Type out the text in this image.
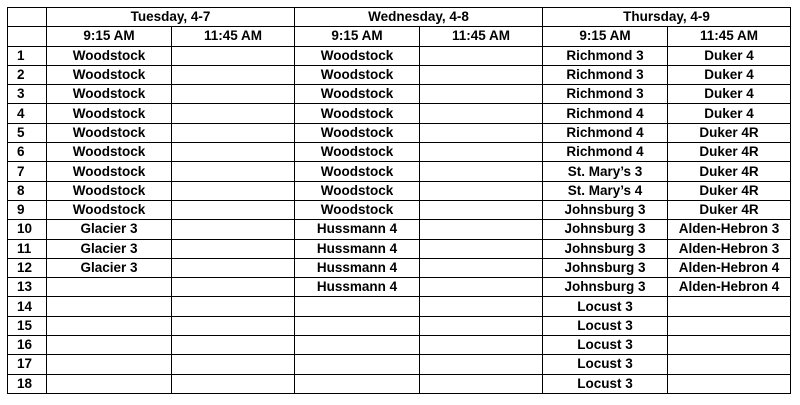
	Tuesday, 4-7		Wednesday, 4-8		Thursday, 4-9	
	9:15 AM	11:45 AM	9:15 AM	11:45 AM	9:15 AM	11:45 AM
1	Woodstock		Woodstock		Richmond 3	Duker 4
2	Woodstock		Woodstock		Richmond 3	Duker 4
3	Woodstock		Woodstock		Richmond 3	Duker 4
4	Woodstock		Woodstock		Richmond 4	Duker 4
5	Woodstock		Woodstock		Richmond 4	Duker 4R
6	Woodstock		Woodstock		Richmond 4	Duker 4R
7	Woodstock		Woodstock		St. Mary’s 3	Duker 4R
8	Woodstock		Woodstock		St. Mary’s 4	Duker 4R
9	Woodstock		Woodstock		Johnsburg 3	Duker 4R
10	Glacier 3		Hussmann 4		Johnsburg 3	Alden-Hebron 3
11	Glacier 3		Hussmann 4		Johnsburg 3	Alden-Hebron 3
12	Glacier 3		Hussmann 4		Johnsburg 3	Alden-Hebron 4
13			Hussmann 4		Johnsburg 3	Alden-Hebron 4
14					Locust 3	
15					Locust 3	
16					Locust 3	
17					Locust 3	
18					Locust 3	
